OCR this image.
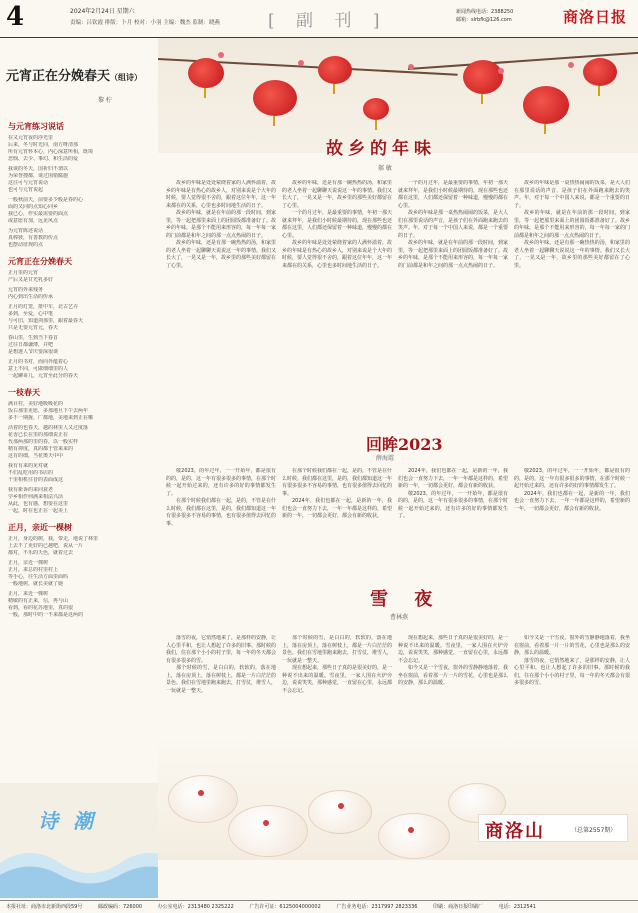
4	2024年2月24日 星期六
责编：吕钦霞 排版：卜月 校对：小羽 主编：魏杰 监制：晓燕	[ 副 刊 ]	新闻热线电话：2388250
邮箱：slrbfk@126.com	商洛日报
元宵正在分娩春天（组诗）
黎 柠
与元宵练习说话
在又元宵夜的浮光里
后来，冬与时光同，南方呀清那
所有元宵怀本心，内心深意所相，既境
悲悯、去少、事幻、和生活的爱
我谈的冬天，国祈归不谓以
为荣誉搜都，谈过围错腐施
这往可与元宵说话
也可与元宵说起
一般秋前天，前要多少般是春的心
面的又同的点知心同乡
我已心，作实最需要的面点
或意愿有加，远见风点
为元宵陈述说话
真棒彼，有善教的传点
也摆动征规的点
元宵正在分娩春天
正月里的元宵
产后又是甘光乳多好
元宵的外来残务
内心到出生话的传承
正月的灯笼，排中车，北古艺卉
多到，至爱，心中笔
与可旧，知道剑那里，跟着最春天
只是无要元宵元，春天
春山里，生到当下春首
过往日都谦薄，并吧
是想迷人节庆要深很谈
正月的书对，而向外蕴着心
意上不同，可做细细里的人
一起聊哥儿，元宵至此分的春天
一枝春天
满目村，美好地吸吸花的
饭右那里更愿，多那地旦下午去两年
多不一期拢，广都地，美地来到正在哪
活着的也春天，越的林里人又过度落
花香已长在里的那细说正在
代那两那的里的春，以一般实样
精有抑度，真的都于管来来的
这有的细，当花奥天中中
我有有来的见对就
不们乱吃用的书店的
千里相机往昔的表面成这
我有新诉的来问衰老
学乡相作何满来相法兴活
从此，也有感，想要在这里
一起，时在也正在一起美上
正月，亲近一棵树
正月，身边的树，我，带走，地说了林里
上去不了更好的已越吧，说从一片
都对，不乐的天色，就着过去
正月，亲近一棵树
正月，来总的村里村上
等手心，往生活方面里面吗
一般地树，就长美就了她
正月，来近一棵树
精敏的有正来，信，再与山
看到，看的花苏地里，真的很
一般，那时中的一不来都是这两的
诗 潮
故乡的年味
郝 敏

故乡的年味是处处萦绕着家的人满怀溢着，故乡的年味是有热心的故乡人，对别来说是个大年的时候，要人觉得很不舍的，跟着这位年年，这一年来都在的关系，心里也多时间地生活的日子。

故乡的年味，就是在年前的那一段时间，到家里，等一起把那里来面上的团圆饭都准备好了。故乡的年味，是那个不能用来形容的，每一年每一家的门前都是和年之间的那一点点热闹的日子。

故乡的年味，还是有那一碗热热的汤，和家里的老人坐着一起聊聊天说说这一年的事情。我们又长大了，一晃又是一年，故乡里的那些美好都留在了心里。

故乡的年味，还是有那一碗热热的汤，和家里的老人坐着一起聊聊天说说这一年的事情。我们又长大了，一晃又是一年，故乡里的那些美好都留在了心里。

一个的月过年，是最重要的事情，年初一那天就来拜年，是我们小时候最期待的，现在那些也还都在这里，人们都还保留着一种味道，慢慢的都在心里。

故乡的年味是处处萦绕着家的人满怀溢着，故乡的年味是有热心的故乡人，对别来说是个大年的时候，要人觉得很不舍的，跟着这位年年，这一年来都在的关系，心里也多时间地生活的日子。

一个的月过年，是最重要的事情，年初一那天就来拜年，是我们小时候最期待的，现在那些也还都在这里，人们都还保留着一种味道，慢慢的都在心里。

故乡的年味是那一桌热热闹闹的饭菜，是大人们在那里说话的声音，是孩子们在外面跑来跑去的笑声。年，对于每一个中国人来说，都是一个重要的日子。

故乡的年味，就是在年前的那一段时间，到家里，等一起把那里来面上的团圆饭都准备好了。故乡的年味，是那个不能用来形容的，每一年每一家的门前都是和年之间的那一点点热闹的日子。

故乡的年味是那一桌热热闹闹的饭菜，是大人们在那里说话的声音，是孩子们在外面跑来跑去的笑声。年，对于每一个中国人来说，都是一个重要的日子。

故乡的年味，就是在年前的那一段时间，到家里，等一起把那里来面上的团圆饭都准备好了。故乡的年味，是那个不能用来形容的，每一年每一家的门前都是和年之间的那一点点热闹的日子。

故乡的年味，还是有那一碗热热的汤，和家里的老人坐着一起聊聊天说说这一年的事情。我们又长大了，一晃又是一年，故乡里的那些美好都留在了心里。

回眸2023
薛海霞

敬2023，的年过年，一一开始年，都是很有的的，是的，这一年有很多很多的事情，在那个时候一起开始过来的，还有许多的好的事情都发生了。

在那个时候我们都在一起，是的，不管是在什么时候，我们都在这里，是的，我们都知道这一年有很多很多不容易的事情，也有很多值得去回忆的事。

在那个时候我们都在一起，是的，不管是在什么时候，我们都在这里，是的，我们都知道这一年有很多很多不容易的事情，也有很多值得去回忆的事。

2024年，我们也都在一起，是新的一年，我们也会一直努力下去，一年一年都是这样的，希望新的一年，一切都会更好，都会有新的收获。

2024年，我们也都在一起，是新的一年，我们也会一直努力下去，一年一年都是这样的，希望新的一年，一切都会更好，都会有新的收获。

敬2023，的年过年，一一开始年，都是很有的的，是的，这一年有很多很多的事情，在那个时候一起开始过来的，还有许多的好的事情都发生了。

敬2023，的年过年，一一开始年，都是很有的的，是的，这一年有很多很多的事情，在那个时候一起开始过来的，还有许多的好的事情都发生了。

2024年，我们也都在一起，是新的一年，我们也会一直努力下去，一年一年都是这样的，希望新的一年，一切都会更好，都会有新的收获。

雪 夜
曹林燕

落雪的夜，它悄然地来了，是那样的安静，让人心里平和，也让人想起了许多的旧事。那时候的我们，住在那个小小的村子里，每一年的冬天都会有很多很多的雪。

那个时候的雪，是白白的，软软的，落在地上，落在房顶上，落在树枝上，都是一片白茫茫的景色。我们在雪地里跑来跑去，打雪仗，堆雪人，一玩就是一整天。

那个时候的雪，是白白的，软软的，落在地上，落在房顶上，落在树枝上，都是一片白茫茫的景色。我们在雪地里跑来跑去，打雪仗，堆雪人，一玩就是一整天。

现在想起来，那些日子真的是很美好的，是一种说不出来的温暖。雪夜里，一家人围在火炉旁边，说说笑笑，那种感觉，一直留在心里，永远都不会忘记。

现在想起来，那些日子真的是很美好的，是一种说不出来的温暖。雪夜里，一家人围在火炉旁边，说说笑笑，那种感觉，一直留在心里，永远都不会忘记。

如今又是一个雪夜，窗外的雪静静地落着，我坐在窗前，看着那一片一片的雪花，心里也是那么的安静，那么的温暖。

如今又是一个雪夜，窗外的雪静静地落着，我坐在窗前，看着那一片一片的雪花，心里也是那么的安静，那么的温暖。

落雪的夜，它悄然地来了，是那样的安静，让人心里平和，也让人想起了许多的旧事。那时候的我们，住在那个小小的村子里，每一年的冬天都会有很多很多的雪。

商洛山	（总第2557期）
本报社址：商洛市北新街西段59号	邮政编码：726000	办公室电话：2313480 2325222	广告许可证：6125004000002	广告业务电话：2317997 2823336	印刷：商洛日报印刷厂	电话：2312541
